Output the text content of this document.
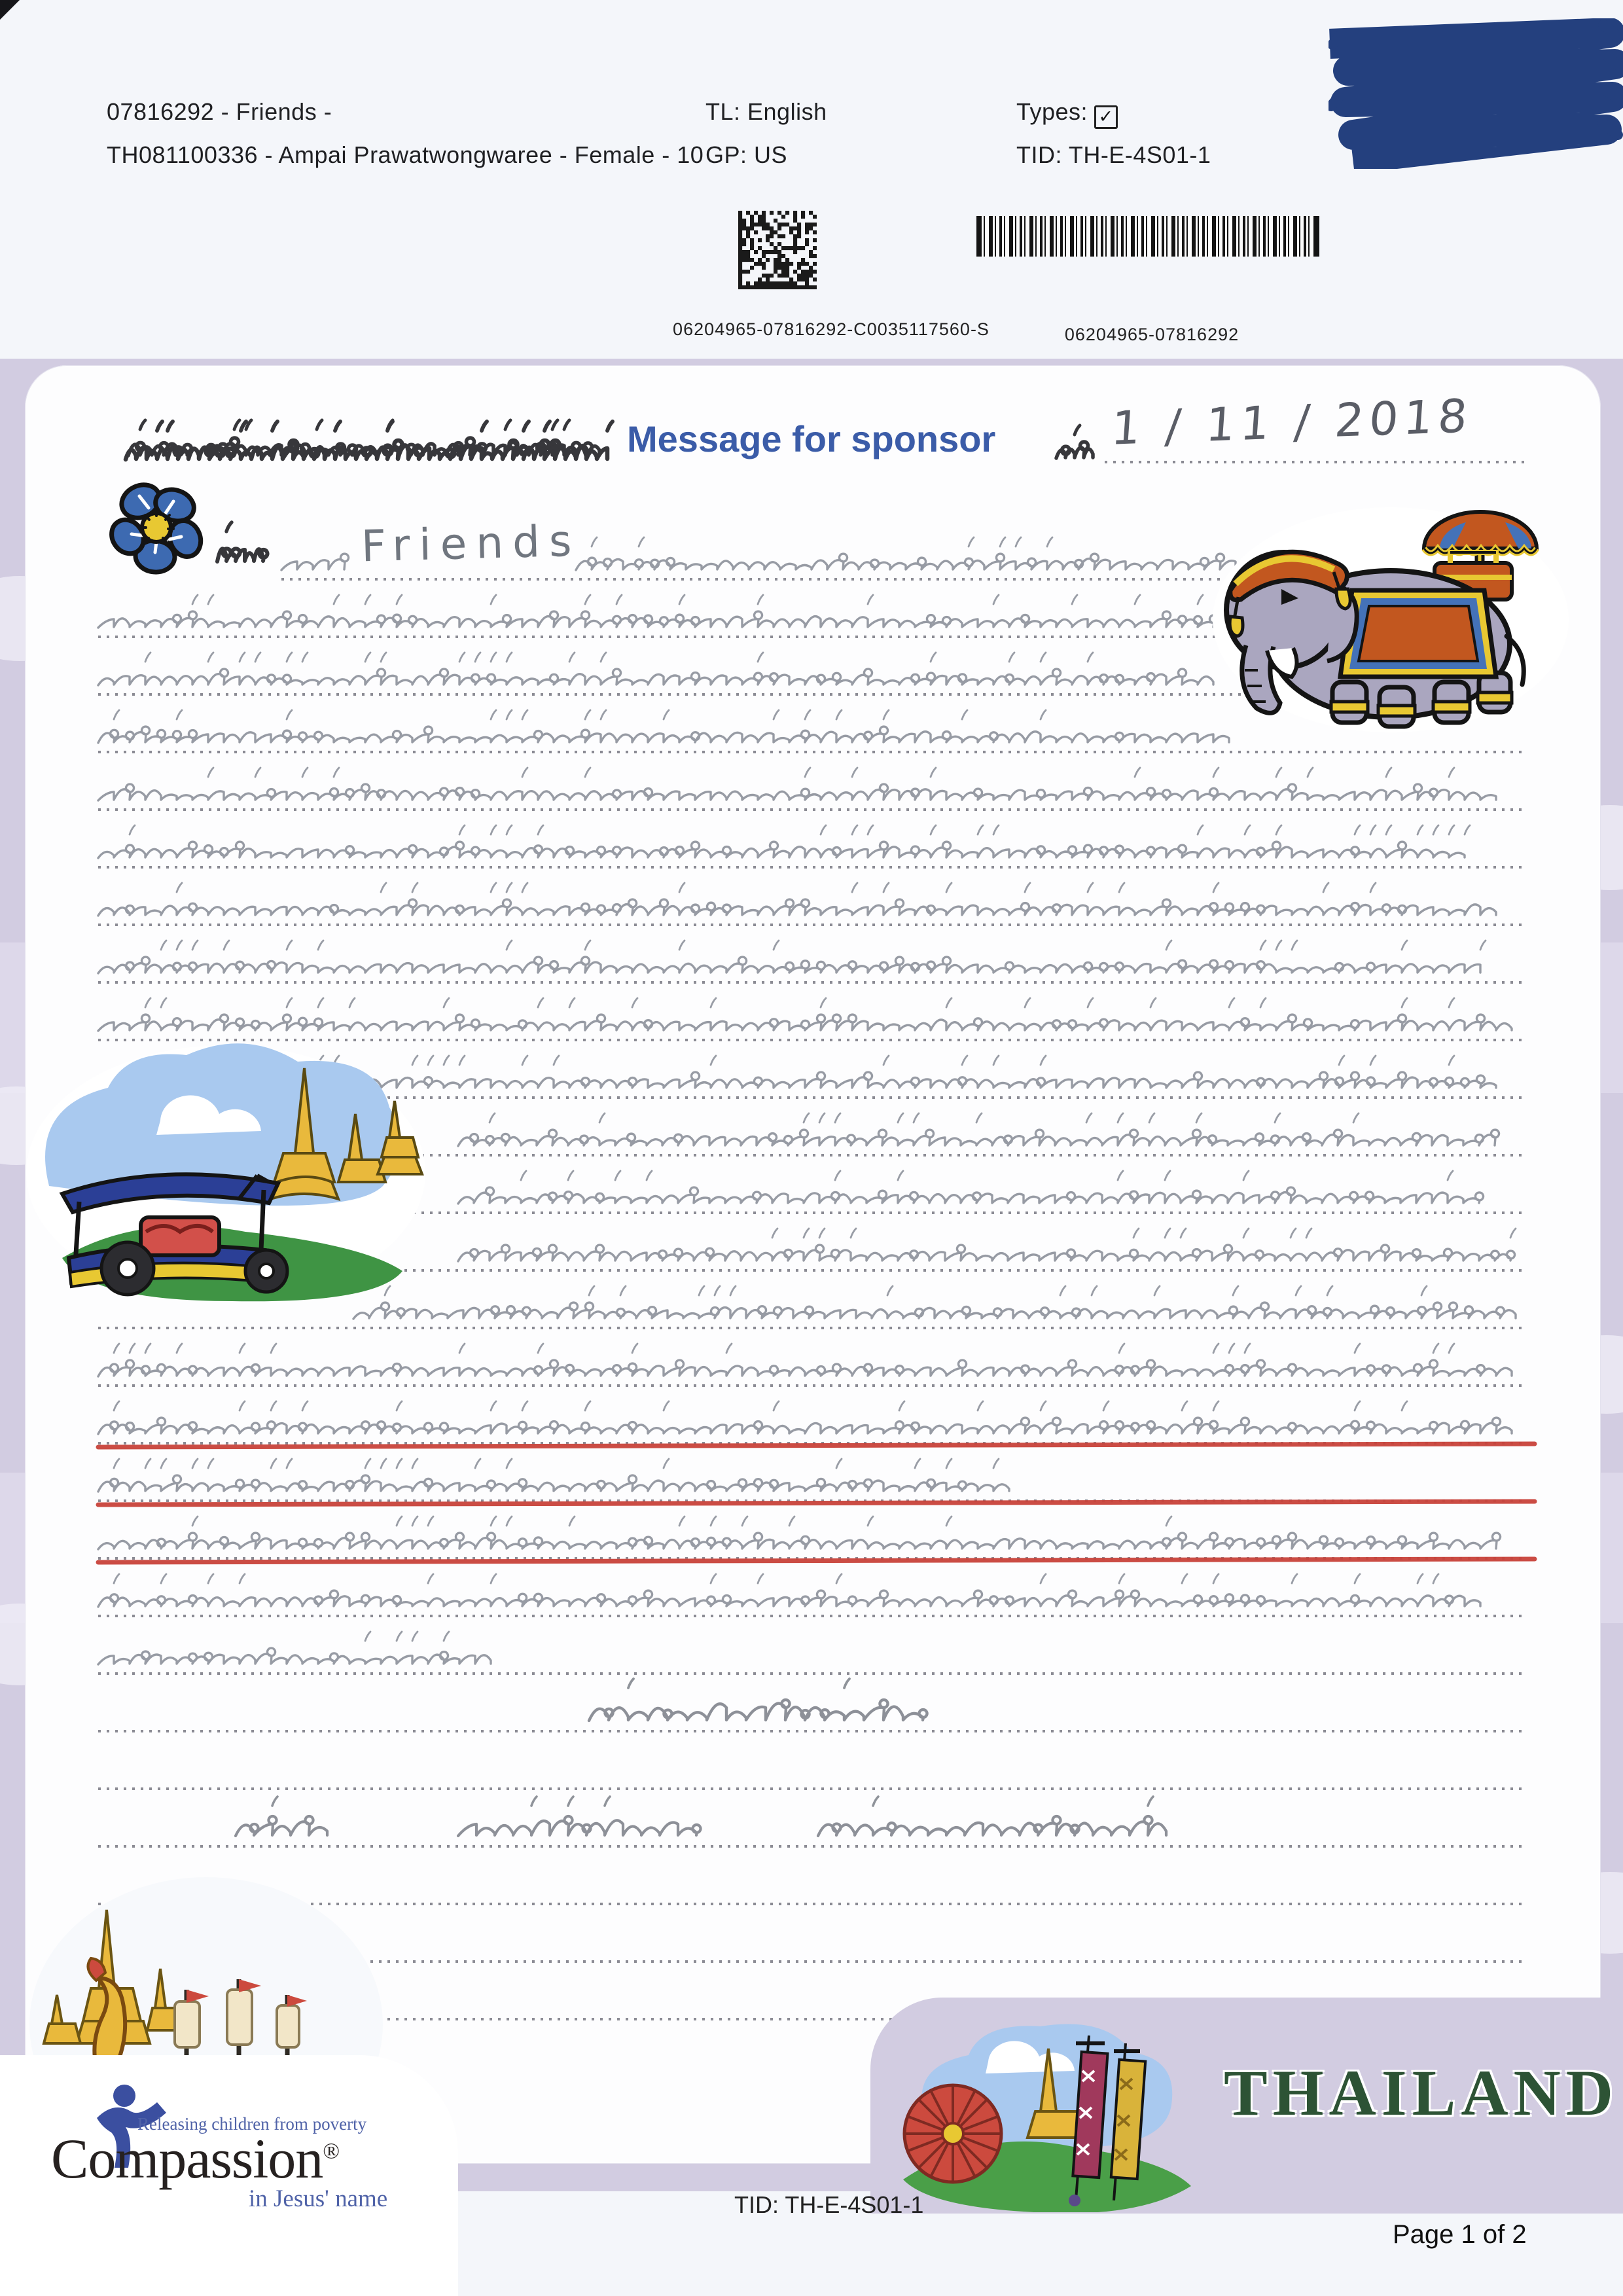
07816292 - Friends -
TH081100336 - Ampai Prawatwongwaree - Female - 10
TL: English
GP: US
Types: ✓
TID: TH-E-4S01-1
06204965-07816292-C0035117560-S	06204965-07816292
Message for sponsor
Friends
1 / 11 / 2018
THAILAND
Releasing children from poverty
Compassion®
in Jesus' name	TID: TH-E-4S01-1
Page 1 of 2
